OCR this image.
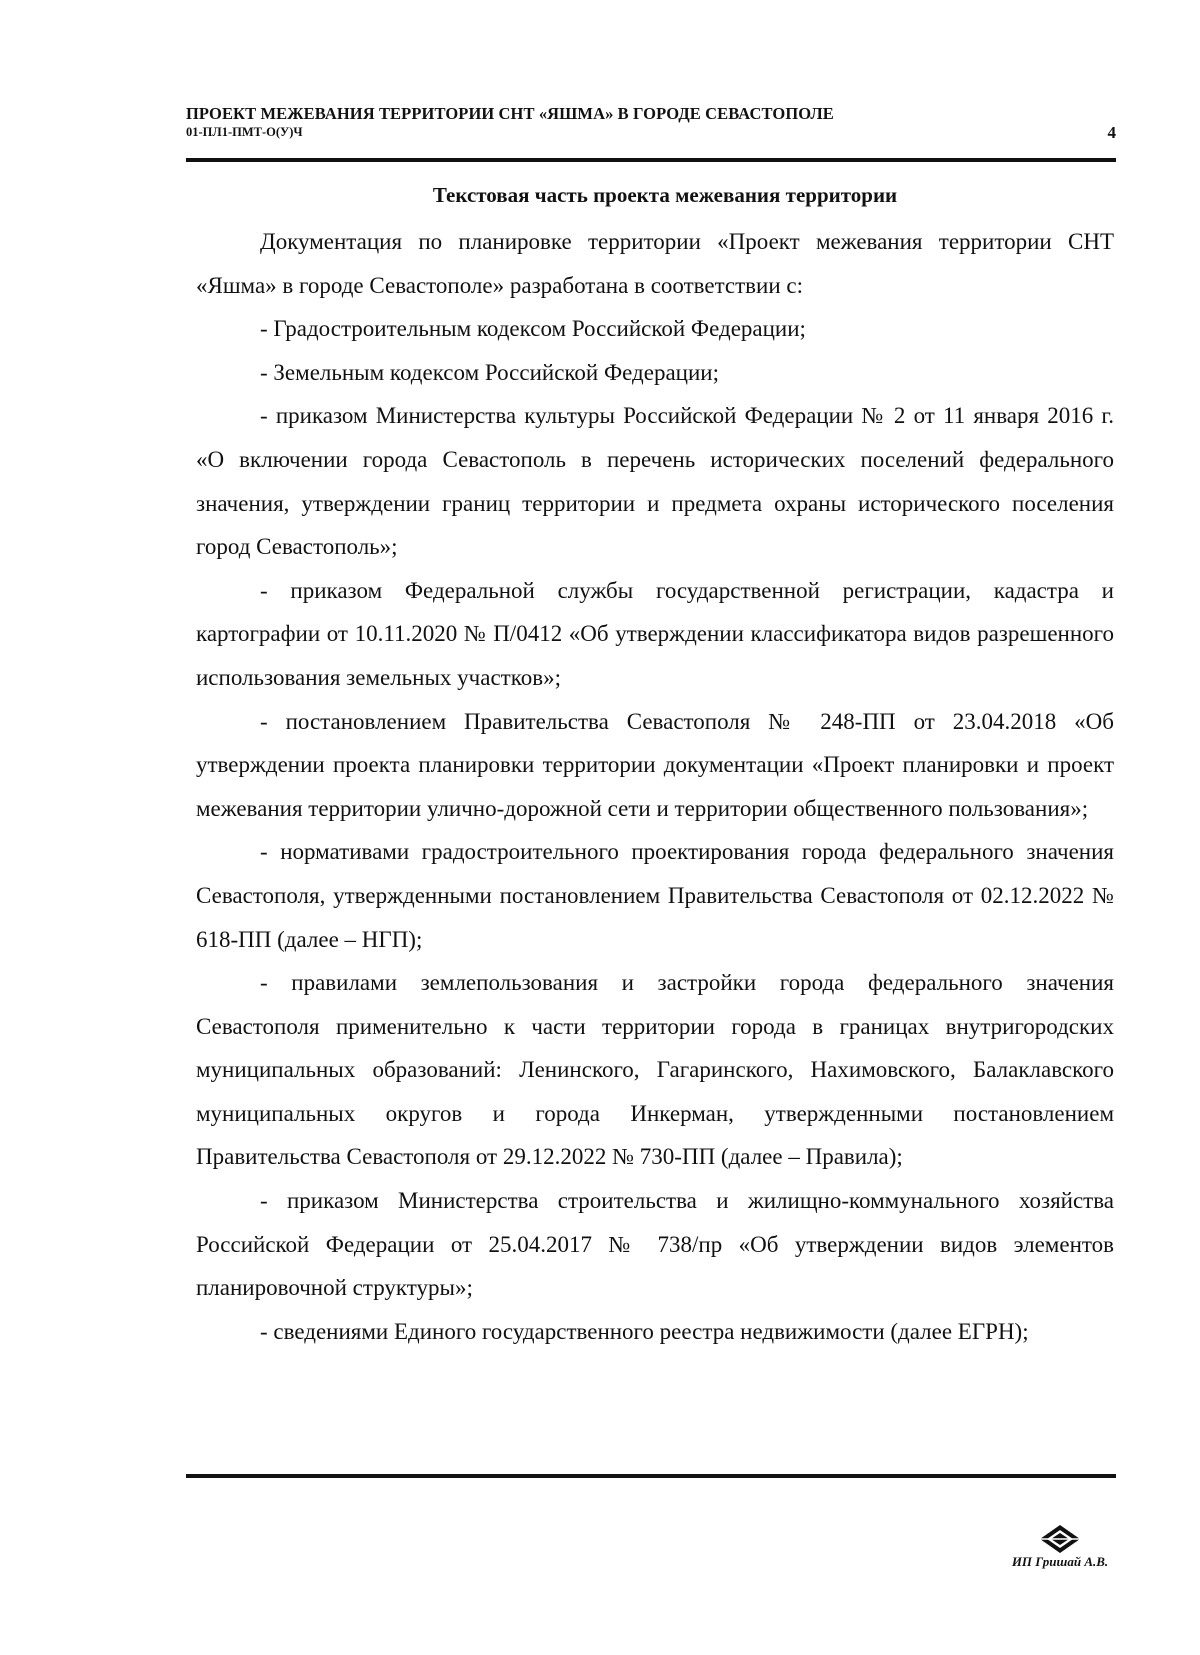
ПРОЕКТ МЕЖЕВАНИЯ ТЕРРИТОРИИ СНТ «ЯШМА» В ГОРОДЕ СЕВАСТОПОЛЕ
01-ПЛ1-ПМТ-О(У)Ч	4
Текстовая часть проекта межевания территории

Документация по планировке территории «Проект межевания территории СНТ «Яшма» в городе Севастополе» разработана в соответствии с:

- Градостроительным кодексом Российской Федерации;

- Земельным кодексом Российской Федерации;

- приказом Министерства культуры Российской Федерации № 2 от 11 января 2016 г. «О включении города Севастополь в перечень исторических поселений федерального значения, утверждении границ территории и предмета охраны исторического поселения город Севастополь»;

- приказом Федеральной службы государственной регистрации, кадастра и картографии от 10.11.2020 № П/0412 «Об утверждении классификатора видов разрешенного использования земельных участков»;

- постановлением Правительства Севастополя № 248-ПП от 23.04.2018 «Об утверждении проекта планировки территории документации «Проект планировки и проект межевания территории улично-дорожной сети и территории общественного пользования»;

- нормативами градостроительного проектирования города федерального значения Севастополя, утвержденными постановлением Правительства Севастополя от 02.12.2022 № 618-ПП (далее – НГП);

- правилами землепользования и застройки города федерального значения Севастополя применительно к части территории города в границах внутригородских муниципальных образований: Ленинского, Гагаринского, Нахимовского, Балаклавского муниципальных округов и города Инкерман, утвержденными постановлением Правительства Севастополя от 29.12.2022 № 730-ПП (далее – Правила);

- приказом Министерства строительства и жилищно-коммунального хозяйства Российской Федерации от 25.04.2017 № 738/пр «Об утверждении видов элементов планировочной структуры»;

- сведениями Единого государственного реестра недвижимости (далее ЕГРН);

ИП Гришай А.В.
